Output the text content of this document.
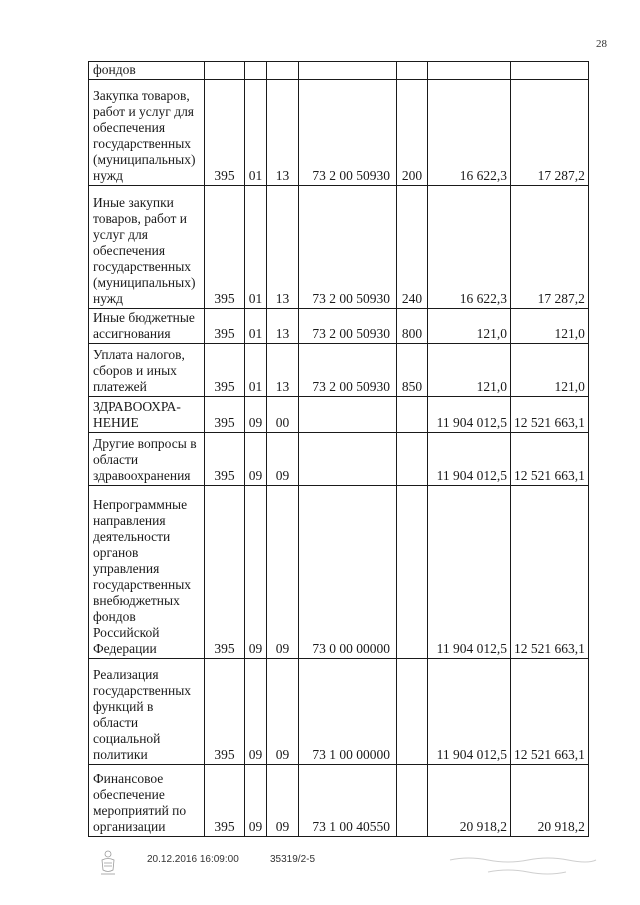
28
фондов							
Закупка товаров, работ и услуг для обеспечения государственных (муниципальных) нужд	395	01	13	73 2 00 50930	200	16 622,3	17 287,2
Иные закупки товаров, работ и услуг для обеспечения государственных (муниципальных) нужд	395	01	13	73 2 00 50930	240	16 622,3	17 287,2
Иные бюджетные ассигнования	395	01	13	73 2 00 50930	800	121,0	121,0
Уплата налогов, сборов и иных платежей	395	01	13	73 2 00 50930	850	121,0	121,0
ЗДРАВООХРА-НЕНИЕ	395	09	00			11 904 012,5	12 521 663,1
Другие вопросы в области здравоохранения	395	09	09			11 904 012,5	12 521 663,1
Непрограммные направления деятельности органов управления государственных внебюджетных фондов Российской Федерации	395	09	09	73 0 00 00000		11 904 012,5	12 521 663,1
Реализация государственных функций в области социальной политики	395	09	09	73 1 00 00000		11 904 012,5	12 521 663,1
Финансовое обеспечение мероприятий по организации	395	09	09	73 1 00 40550		20 918,2	20 918,2
20.12.2016 16:09:00	35319/2-5
